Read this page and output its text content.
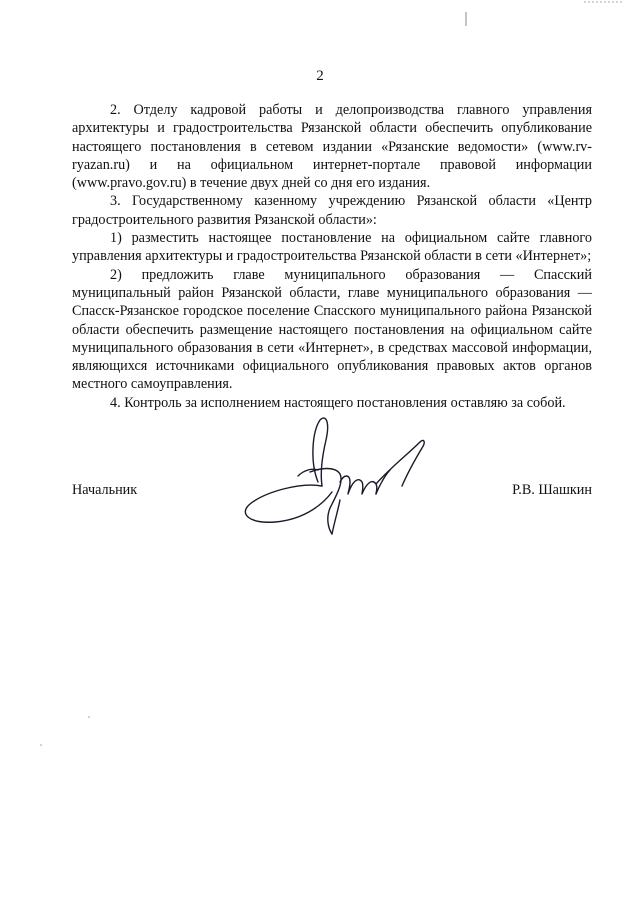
2

2. Отделу кадровой работы и делопроизводства главного управления архитектуры и градостроительства Рязанской области обеспечить опубликование настоящего постановления в сетевом издании «Рязанские ведомости» (www.rv-ryazan.ru) и на официальном интернет-портале правовой информации (www.pravo.gov.ru) в течение двух дней со дня его издания.

3. Государственному казенному учреждению Рязанской области «Центр градостроительного развития Рязанской области»:

1) разместить настоящее постановление на официальном сайте главного управления архитектуры и градостроительства Рязанской области в сети «Интернет»;

2) предложить главе муниципального образования — Спасский муниципальный район Рязанской области, главе муниципального образования — Спасск-Рязанское городское поселение Спасского муниципального района Рязанской области обеспечить размещение настоящего постановления на официальном сайте муниципального образования в сети «Интернет», в средствах массовой информации, являющихся источниками официального опубликования правовых актов органов местного самоуправления.

4. Контроль за исполнением настоящего постановления оставляю за собой.

Начальник	Р.В. Шашкин
